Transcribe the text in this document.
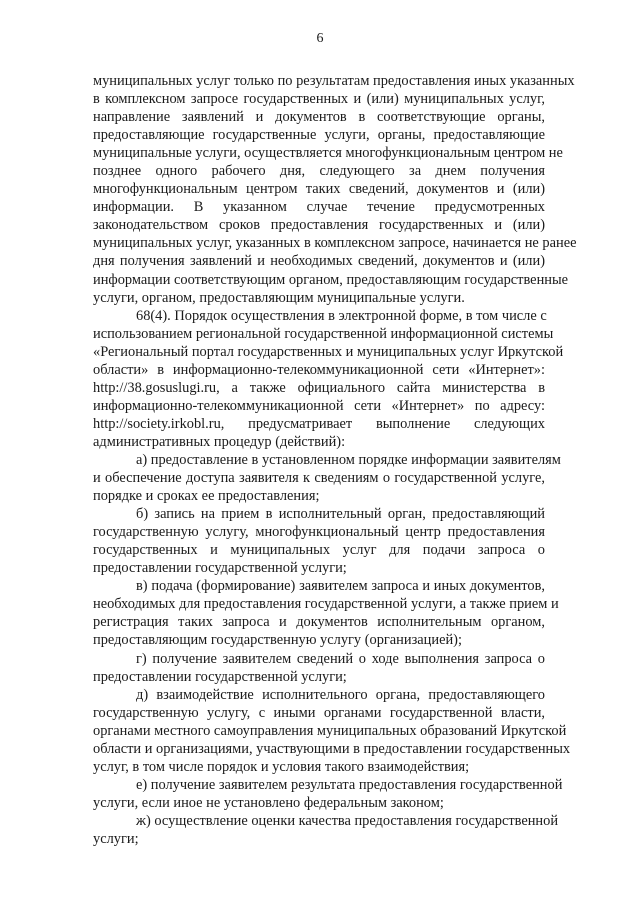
6

муниципальных услуг только по результатам предоставления иных указанных

в комплексном запросе государственных и (или) муниципальных услуг,

направление заявлений и документов в соответствующие органы,

предоставляющие государственные услуги, органы, предоставляющие

муниципальные услуги, осуществляется многофункциональным центром не

позднее одного рабочего дня, следующего за днем получения

многофункциональным центром таких сведений, документов и (или)

информации. В указанном случае течение предусмотренных

законодательством сроков предоставления государственных и (или)

муниципальных услуг, указанных в комплексном запросе, начинается не ранее

дня получения заявлений и необходимых сведений, документов и (или)

информации соответствующим органом, предоставляющим государственные

услуги, органом, предоставляющим муниципальные услуги.

68(4). Порядок осуществления в электронной форме, в том числе с

использованием региональной государственной информационной системы

«Региональный портал государственных и муниципальных услуг Иркутской

области» в информационно-телекоммуникационной сети «Интернет»:

http://38.gosuslugi.ru, а также официального сайта министерства в

информационно-телекоммуникационной сети «Интернет» по адресу:

http://society.irkobl.ru, предусматривает выполнение следующих

административных процедур (действий):

а) предоставление в установленном порядке информации заявителям

и обеспечение доступа заявителя к сведениям о государственной услуге,

порядке и сроках ее предоставления;

б) запись на прием в исполнительный орган, предоставляющий

государственную услугу, многофункциональный центр предоставления

государственных и муниципальных услуг для подачи запроса о

предоставлении государственной услуги;

в) подача (формирование) заявителем запроса и иных документов,

необходимых для предоставления государственной услуги, а также прием и

регистрация таких запроса и документов исполнительным органом,

предоставляющим государственную услугу (организацией);

г) получение заявителем сведений о ходе выполнения запроса о

предоставлении государственной услуги;

д) взаимодействие исполнительного органа, предоставляющего

государственную услугу, с иными органами государственной власти,

органами местного самоуправления муниципальных образований Иркутской

области и организациями, участвующими в предоставлении государственных

услуг, в том числе порядок и условия такого взаимодействия;

е) получение заявителем результата предоставления государственной

услуги, если иное не установлено федеральным законом;

ж) осуществление оценки качества предоставления государственной

услуги;
